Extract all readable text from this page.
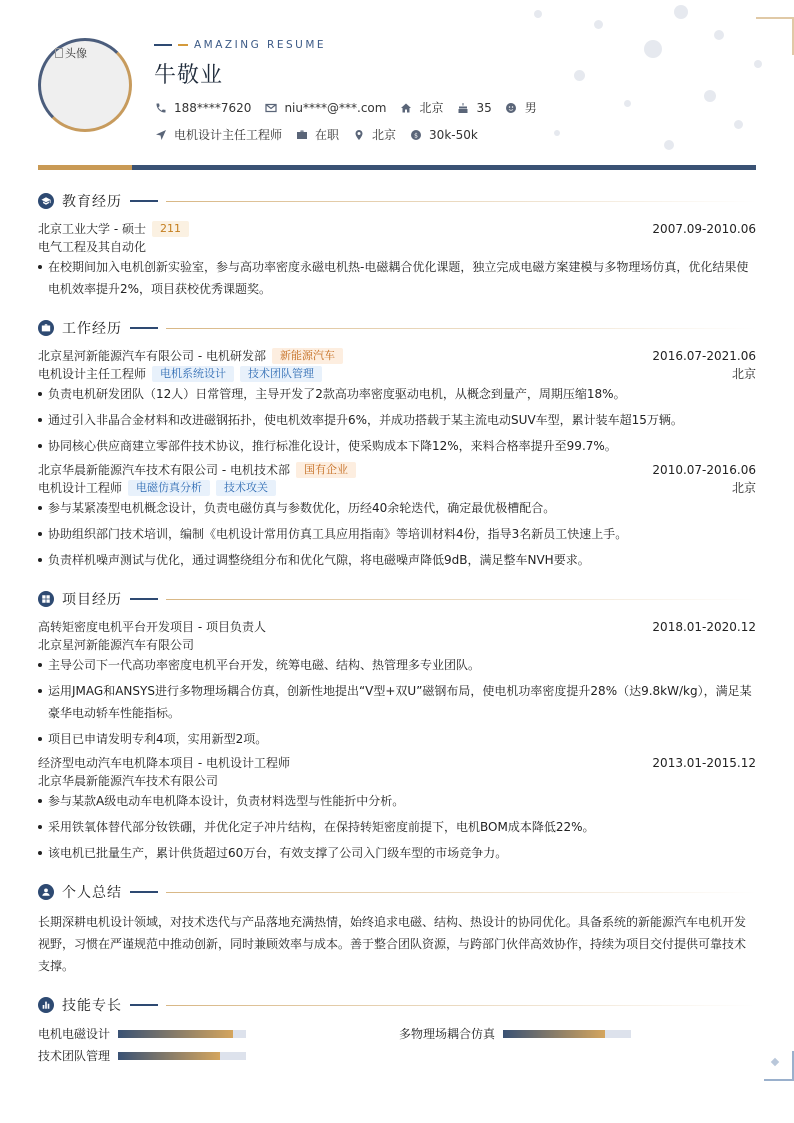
头像
AMAZING RESUME
牛敬业
188****7620	niu****@***.com	北京	35	男
电机设计主任工程师	在职	北京 $ 30k-50k
教育经历
北京工业大学 - 硕士	211	2007.09-2010.06
电气工程及其自动化
在校期间加入电机创新实验室，参与高功率密度永磁电机热-电磁耦合优化课题，独立完成电磁方案建模与多物理场仿真，优化结果使电机效率提升2%，项目获校优秀课题奖。
工作经历
北京星河新能源汽车有限公司 - 电机研发部	新能源汽车	2016.07-2021.06
电机设计主任工程师	电机系统设计	技术团队管理	北京
负责电机研发团队（12人）日常管理，主导开发了2款高功率密度驱动电机，从概念到量产，周期压缩18%。
通过引入非晶合金材料和改进磁钢拓扑，使电机效率提升6%，并成功搭载于某主流电动SUV车型，累计装车超15万辆。
协同核心供应商建立零部件技术协议，推行标准化设计，使采购成本下降12%，来料合格率提升至99.7%。
北京华晨新能源汽车技术有限公司 - 电机技术部	国有企业	2010.07-2016.06
电机设计工程师	电磁仿真分析	技术攻关	北京
参与某紧凑型电机概念设计，负责电磁仿真与参数优化，历经40余轮迭代，确定最优极槽配合。
协助组织部门技术培训，编制《电机设计常用仿真工具应用指南》等培训材料4份，指导3名新员工快速上手。
负责样机噪声测试与优化，通过调整绕组分布和优化气隙，将电磁噪声降低9dB，满足整车NVH要求。
项目经历
高转矩密度电机平台开发项目 - 项目负责人	2018.01-2020.12
北京星河新能源汽车有限公司
主导公司下一代高功率密度电机平台开发，统筹电磁、结构、热管理多专业团队。
运用JMAG和ANSYS进行多物理场耦合仿真，创新性地提出“V型+双U”磁钢布局，使电机功率密度提升28%（达9.8kW/kg），满足某豪华电动轿车性能指标。
项目已申请发明专利4项，实用新型2项。
经济型电动汽车电机降本项目 - 电机设计工程师	2013.01-2015.12
北京华晨新能源汽车技术有限公司
参与某款A级电动车电机降本设计，负责材料选型与性能折中分析。
采用铁氧体替代部分钕铁硼，并优化定子冲片结构，在保持转矩密度前提下，电机BOM成本降低22%。
该电机已批量生产，累计供货超过60万台，有效支撑了公司入门级车型的市场竞争力。
个人总结
长期深耕电机设计领域，对技术迭代与产品落地充满热情，始终追求电磁、结构、热设计的协同优化。具备系统的新能源汽车电机开发视野，习惯在严谨规范中推动创新，同时兼顾效率与成本。善于整合团队资源，与跨部门伙伴高效协作，持续为项目交付提供可靠技术支撑。
技能专长
电机电磁设计	多物理场耦合仿真
技术团队管理
